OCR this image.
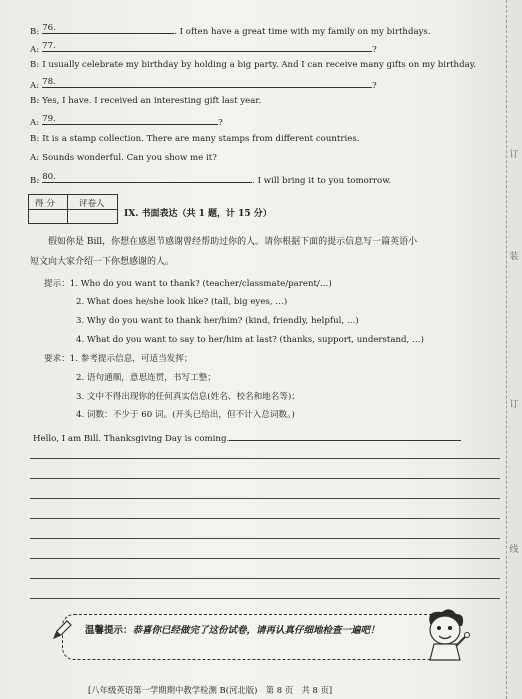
订
装
订
线
B: 76.	. I often have a great time with my family on my birthdays.
A: 77.	?
B: I usually celebrate my birthday by holding a big party. And I can receive many gifts on my birthday.
A: 78.	?
B: Yes, I have. I received an interesting gift last year.
A: 79.	?
B: It is a stamp collection. There are many stamps from different countries.
A: Sounds wonderful. Can you show me it?
B: 80.	. I will bring it to you tomorrow.
得 分	评卷人
IX. 书面表达（共 1 题，计 15 分）
假如你是 Bill，你想在感恩节感谢曾经帮助过你的人。请你根据下面的提示信息写一篇英语小
短文向大家介绍一下你想感谢的人。
提示：1. Who do you want to thank? (teacher/classmate/parent/…)
2. What does he/she look like? (tall, big eyes, …)
3. Why do you want to thank her/him? (kind, friendly, helpful, …)
4. What do you want to say to her/him at last? (thanks, support, understand, …)
要求：1. 参考提示信息，可适当发挥；
2. 语句通顺，意思连贯，书写工整；
3. 文中不得出现你的任何真实信息(姓名、校名和地名等)；
4. 词数：不少于 60 词。(开头已给出，但不计入总词数。)
Hello, I am Bill. Thanksgiving Day is coming.
温馨提示：恭喜你已经做完了这份试卷，请再认真仔细地检查一遍吧！
[八年级英语第一学期期中教学检测 B(河北版)　第 8 页　共 8 页]
